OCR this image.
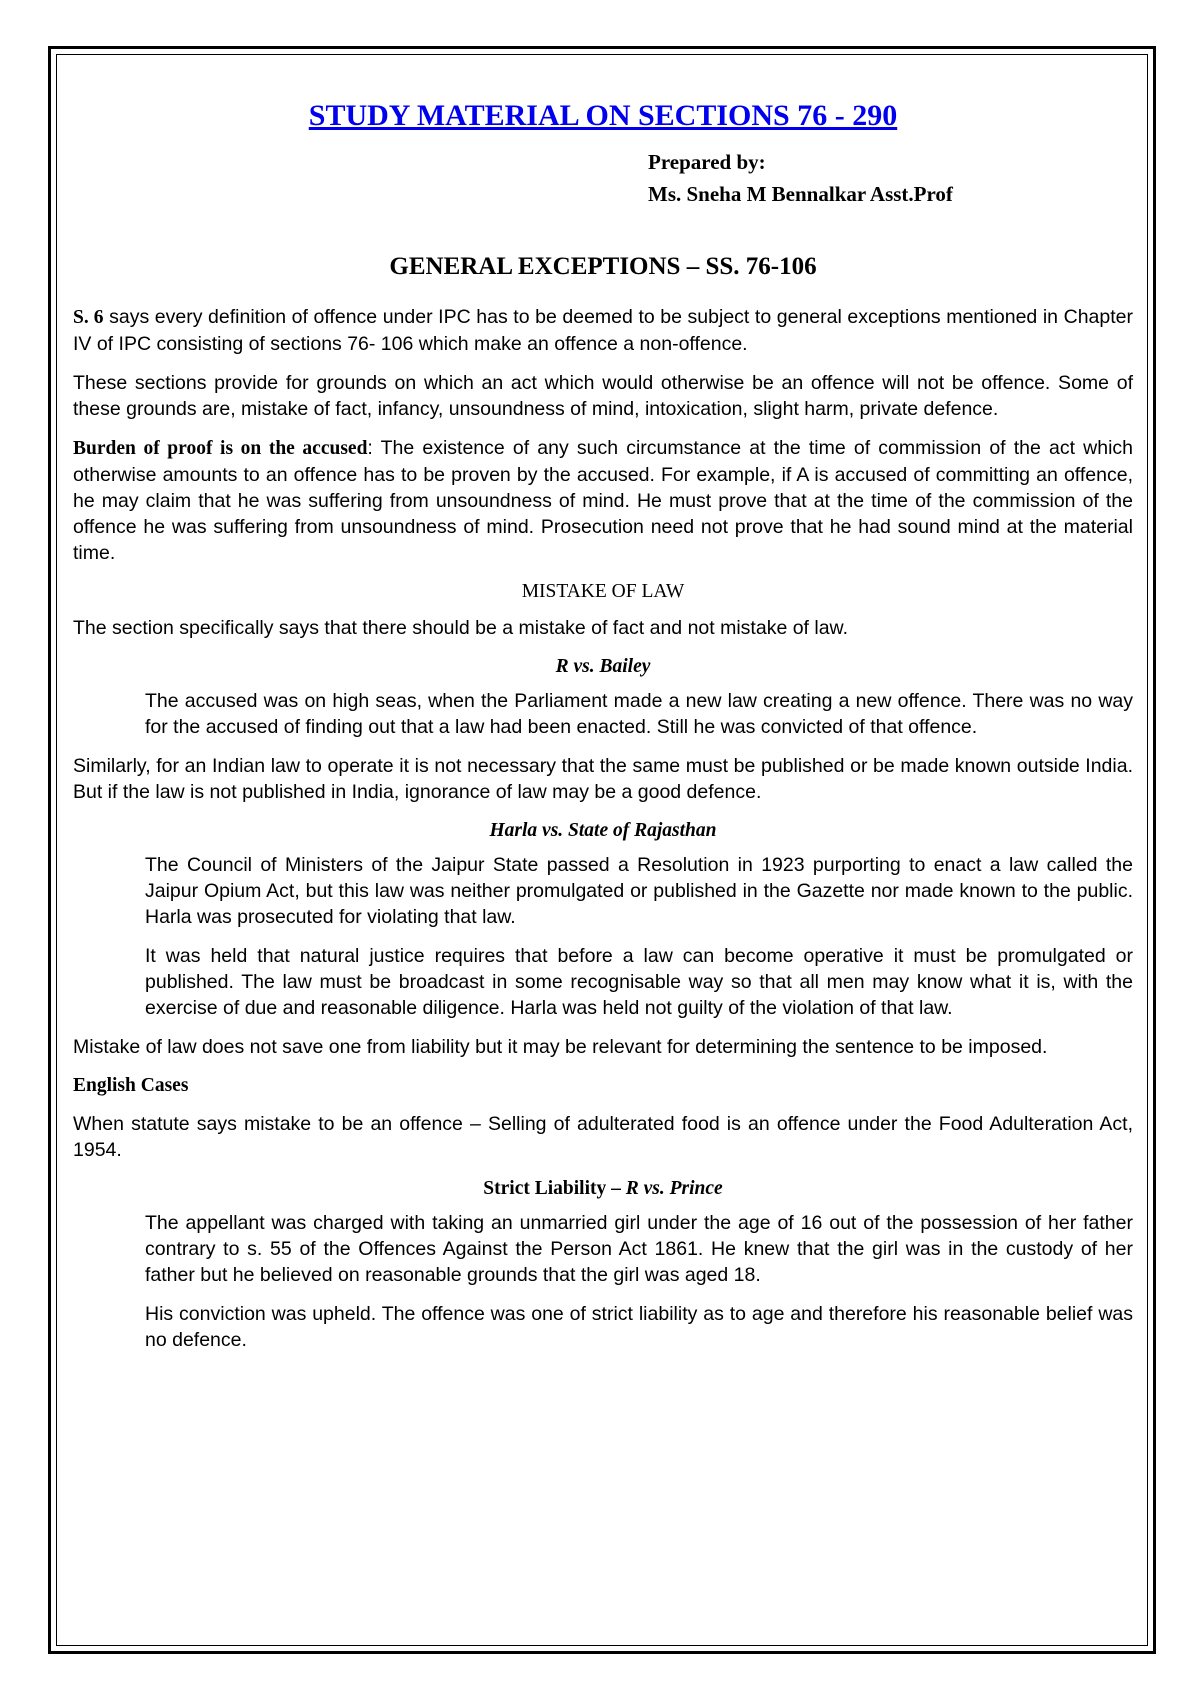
STUDY MATERIAL ON SECTIONS 76 - 290
Prepared by:
Ms. Sneha M Bennalkar Asst.Prof
GENERAL EXCEPTIONS – SS. 76-106

S. 6 says every definition of offence under IPC has to be deemed to be subject to general exceptions mentioned in Chapter IV of IPC consisting of sections 76- 106 which make an offence a non-offence.

These sections provide for grounds on which an act which would otherwise be an offence will not be offence. Some of these grounds are, mistake of fact, infancy, unsoundness of mind, intoxication, slight harm, private defence.

Burden of proof is on the accused: The existence of any such circumstance at the time of commission of the act which otherwise amounts to an offence has to be proven by the accused. For example, if A is accused of committing an offence, he may claim that he was suffering from unsoundness of mind. He must prove that at the time of the commission of the offence he was suffering from unsoundness of mind. Prosecution need not prove that he had sound mind at the material time.

MISTAKE OF LAW

The section specifically says that there should be a mistake of fact and not mistake of law.

R vs. Bailey

The accused was on high seas, when the Parliament made a new law creating a new offence. There was no way for the accused of finding out that a law had been enacted. Still he was convicted of that offence.

Similarly, for an Indian law to operate it is not necessary that the same must be published or be made known outside India. But if the law is not published in India, ignorance of law may be a good defence.

Harla vs. State of Rajasthan

The Council of Ministers of the Jaipur State passed a Resolution in 1923 purporting to enact a law called the Jaipur Opium Act, but this law was neither promulgated or published in the Gazette nor made known to the public. Harla was prosecuted for violating that law.

It was held that natural justice requires that before a law can become operative it must be promulgated or published. The law must be broadcast in some recognisable way so that all men may know what it is, with the exercise of due and reasonable diligence. Harla was held not guilty of the violation of that law.

Mistake of law does not save one from liability but it may be relevant for determining the sentence to be imposed.

English Cases

When statute says mistake to be an offence – Selling of adulterated food is an offence under the Food Adulteration Act, 1954.

Strict Liability – R vs. Prince

The appellant was charged with taking an unmarried girl under the age of 16 out of the possession of her father contrary to s. 55 of the Offences Against the Person Act 1861. He knew that the girl was in the custody of her father but he believed on reasonable grounds that the girl was aged 18.

His conviction was upheld. The offence was one of strict liability as to age and therefore his reasonable belief was no defence.
